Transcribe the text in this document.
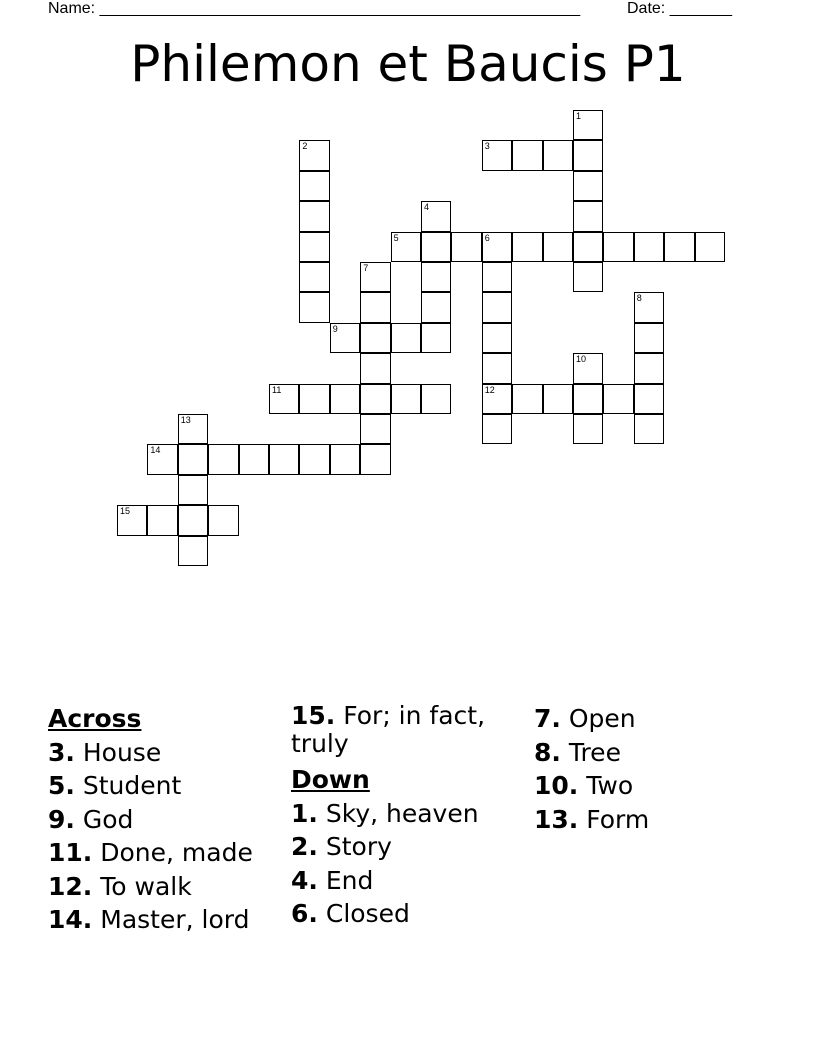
Name: ______________________________________________________	Date: _______
Philemon et Baucis P1
1
2	3
4
5	6
12
7
8
9
10
11
13
14
15
Across
3. House
5. Student
9. God
11. Done, made
12. To walk
14. Master, lord
15. For; in fact, truly
Down
1. Sky, heaven
2. Story
4. End
6. Closed
7. Open
8. Tree
10. Two
13. Form
